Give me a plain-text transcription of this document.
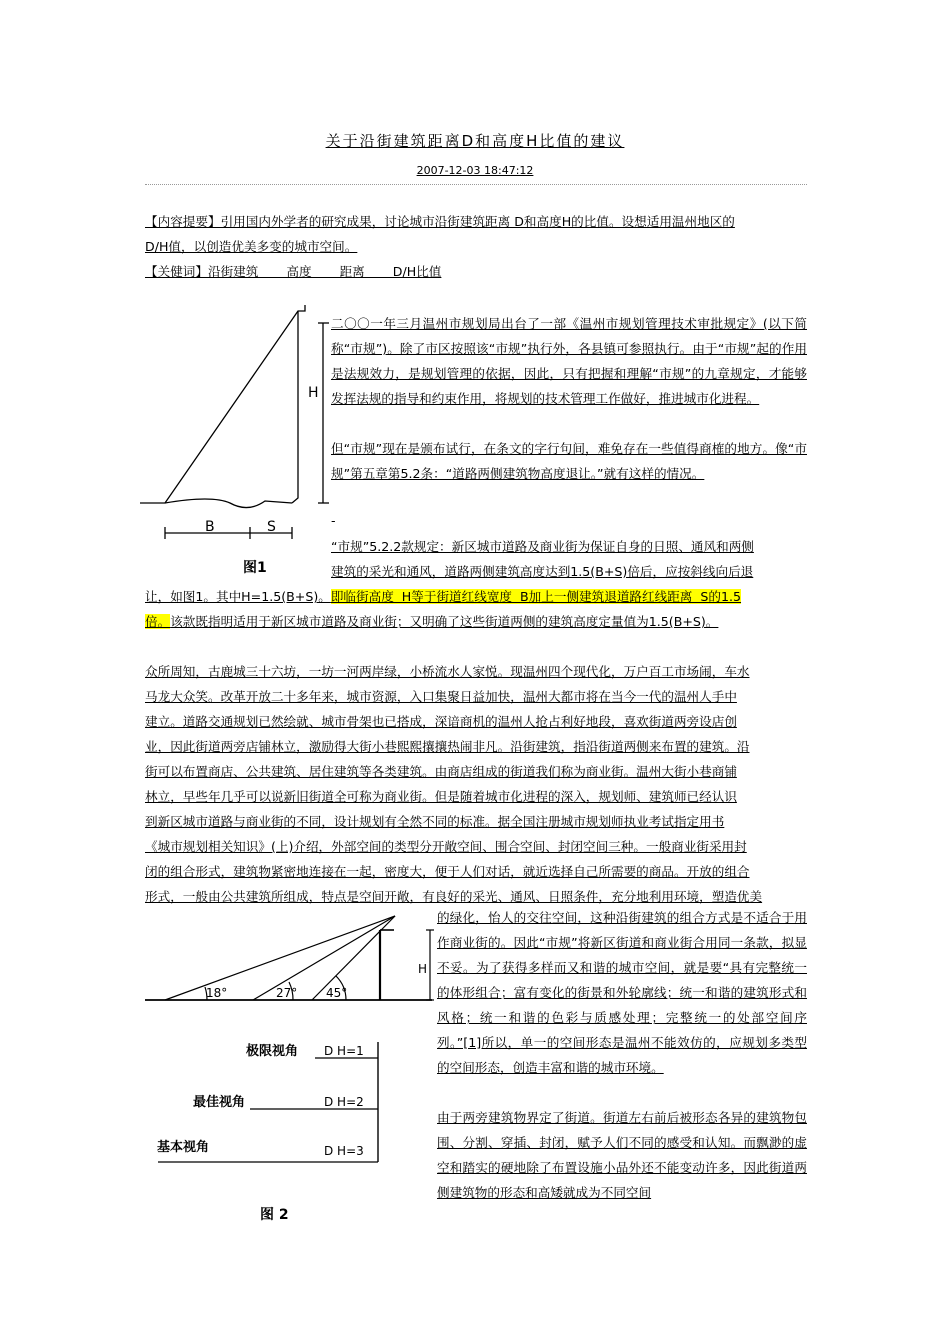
关于沿街建筑距离D和高度H比值的建议
2007-12-03 18:47:12
【内容提要】引用国内外学者的研究成果，讨论城市沿街建筑距离 D和高度H的比值。设想适用温州地区的
D/H值，以创造优美多变的城市空间。
【关健词】沿街建筑       高度       距离       D/H比值
B	S
H
图1
二〇〇一年三月温州市规划局出台了一部《温州市规划管理技术审批规定》(以下简称“市规”)。除了市区按照该“市规”执行外，各县镇可参照执行。由于“市规”起的作用是法规效力，是规划管理的依据，因此，只有把握和理解“市规”的九章规定，才能够发挥法规的指导和约束作用，将规划的技术管理工作做好，推进城市化进程。
但“市规”现在是颁布试行，在条文的字行句间，难免存在一些值得商榷的地方。像“市规”第五章第5.2条：“道路两侧建筑物高度退让。”就有这样的情况。
-
“市规”5.2.2款规定：新区城市道路及商业街为保证自身的日照、通风和两侧
建筑的采光和通风，道路两侧建筑高度达到1.5(B+S)倍后，应按斜线向后退
让，如图1。其中H=1.5(B+S)。即临街高度  H等于街道红线宽度  B加上一侧建筑退道路红线距离  S的1.5
倍。该款既指明适用于新区城市道路及商业街；又明确了这些街道两侧的建筑高度定量值为1.5(B+S)。
众所周知，古鹿城三十六坊，一坊一河两岸绿，小桥流水人家悦。现温州四个现代化，万户百工市场闹，车水
马龙大众笑。改革开放二十多年来，城市资源，入口集聚日益加快，温州大都市将在当今一代的温州人手中
建立。道路交通规划已然绘就、城市骨架也已搭成，深谙商机的温州人抢占利好地段，喜欢街道两旁设店创
业，因此街道两旁店铺林立，激励得大街小巷熙熙攘攘热闹非凡。沿街建筑，指沿街道两侧来布置的建筑。沿
街可以布置商店、公共建筑、居住建筑等各类建筑。由商店组成的街道我们称为商业街。温州大街小巷商铺
林立，早些年几乎可以说新旧街道全可称为商业街。但是随着城市化进程的深入，规划师、建筑师已经认识
到新区城市道路与商业街的不同，设计规划有全然不同的标准。据全国注册城市规划师执业考试指定用书
《城市规划相关知识》(上)介绍，外部空间的类型分开敞空间、围合空间、封闭空间三种。一般商业街采用封
闭的组合形式，建筑物紧密地连接在一起，密度大，便于人们对话，就近选择自己所需要的商品。开放的组合
形式，一般由公共建筑所组成，特点是空间开敞，有良好的采光、通风、日照条件，充分地利用环境，塑造优美
18°	27° 45°
H
极限视角 D H=1
最佳视角	D H=2
基本视角	D H=3
图 2
的绿化，怡人的交往空间，这种沿街建筑的组合方式是不适合于用作商业街的。因此“市规”将新区街道和商业街合用同一条款，拟显不妥。为了获得多样而又和谐的城市空间，就是要“具有完整统一的体形组合；富有变化的街景和外轮廓线；统一和谐的建筑形式和风格；统一和谐的色彩与质感处理；完整统一的处部空间序列。”[1]所以，单一的空间形态是温州不能效仿的，应规划多类型的空间形态，创造丰富和谐的城市环境。
由于两旁建筑物界定了街道。街道左右前后被形态各异的建筑物包围、分割、穿插、封闭，赋予人们不同的感受和认知。而飘渺的虚空和踏实的硬地除了布置设施小品外还不能变动许多，因此街道两侧建筑物的形态和高矮就成为不同空间
